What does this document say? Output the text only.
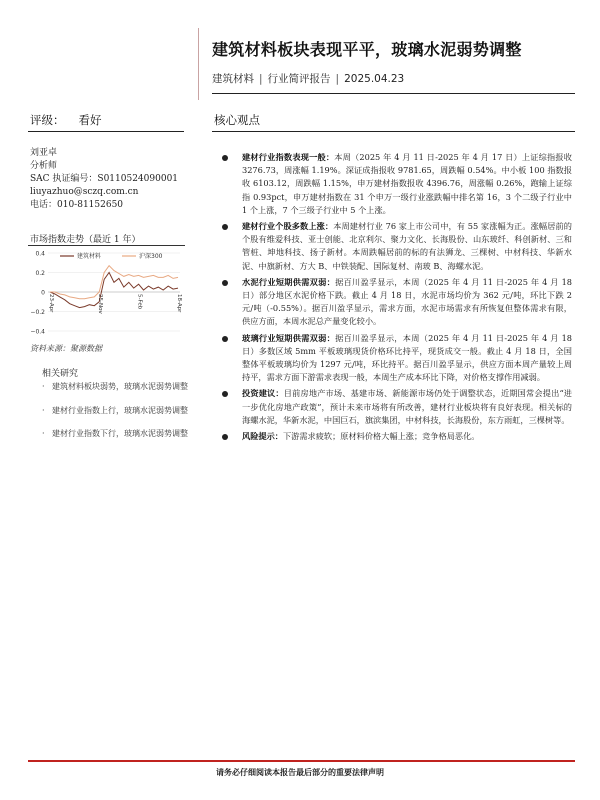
建筑材料板块表现平平，玻璃水泥弱势调整
建筑材料 | 行业简评报告 | 2025.04.23
评级： 看好	核心观点
刘亚卓
分析师
SAC 执证编号：S0110524090001
liuyazhuo@sczq.com.cn
电话：010-81152650
市场指数走势（最近 1 年）
0.4
0.2
0
−0.2
−0.4
23-Apr	25-Nov	5-Feb	18-Apr
建筑材料	沪深300
资料来源：聚源数据
相关研究
· 建筑材料板块弱势，玻璃水泥弱势调整
· 建材行业指数上行，玻璃水泥弱势调整
· 建材行业指数下行，玻璃水泥弱势调整
建材行业指数表现一般：本周（2025 年 4 月 11 日-2025 年 4 月 17 日）上证综指报收 3276.73，周涨幅 1.19%。深证成指报收 9781.65，周跌幅 0.54%。中小板 100 指数报收 6103.12，周跌幅 1.15%，申万建材指数报收 4396.76，周涨幅 0.26%，跑输上证综指 0.93pct，申万建材指数在 31 个申万一级行业涨跌幅中排名第 16，3 个二级子行业中 1 个上涨，7 个三级子行业中 5 个上涨。
建材行业个股多数上涨：本周建材行业 76 家上市公司中，有 55 家涨幅为正。涨幅居前的个股有维爱科技、亚士创能、北京利尔、聚力文化、长海股份、山东玻纤、科创新材、三和管桩、坤地科技、扬子新材。本周跌幅居前的标的有法狮龙、三棵树、中材科技、华新水泥、中旗新材、方大 B、中铁装配、国际复材、南玻 B、海螺水泥。
水泥行业短期供需双弱：据百川盈孚显示，本周（2025 年 4 月 11 日-2025 年 4 月 18 日）部分地区水泥价格下跌。截止 4 月 18 日，水泥市场均价为 362 元/吨，环比下跌 2 元/吨（-0.55%）。据百川盈孚显示，需求方面，水泥市场需求有所恢复但整体需求有限，供应方面，本周水泥总产量变化较小。
玻璃行业短期供需双弱：据百川盈孚显示，本周（2025 年 4 月 11 日-2025 年 4 月 18 日）多数区域 5mm 平板玻璃现货价格环比持平，现货成交一般。截止 4 月 18 日，全国整体平板玻璃均价为 1297 元/吨，环比持平。据百川盈孚显示，供应方面本周产量较上周持平，需求方面下游需求表现一般，本周生产成本环比下降，对价格支撑作用减弱。
投资建议：目前房地产市场、基建市场、新能源市场仍处于调整状态，近期国常会提出“进一步优化房地产政策”，预计未来市场将有所改善，建材行业板块将有良好表现。相关标的海螺水泥，华新水泥，中国巨石，旗滨集团，中材科技，长海股份，东方雨虹，三棵树等。
风险提示：下游需求疲软；原材料价格大幅上涨；竞争格局恶化。
请务必仔细阅读本报告最后部分的重要法律声明
